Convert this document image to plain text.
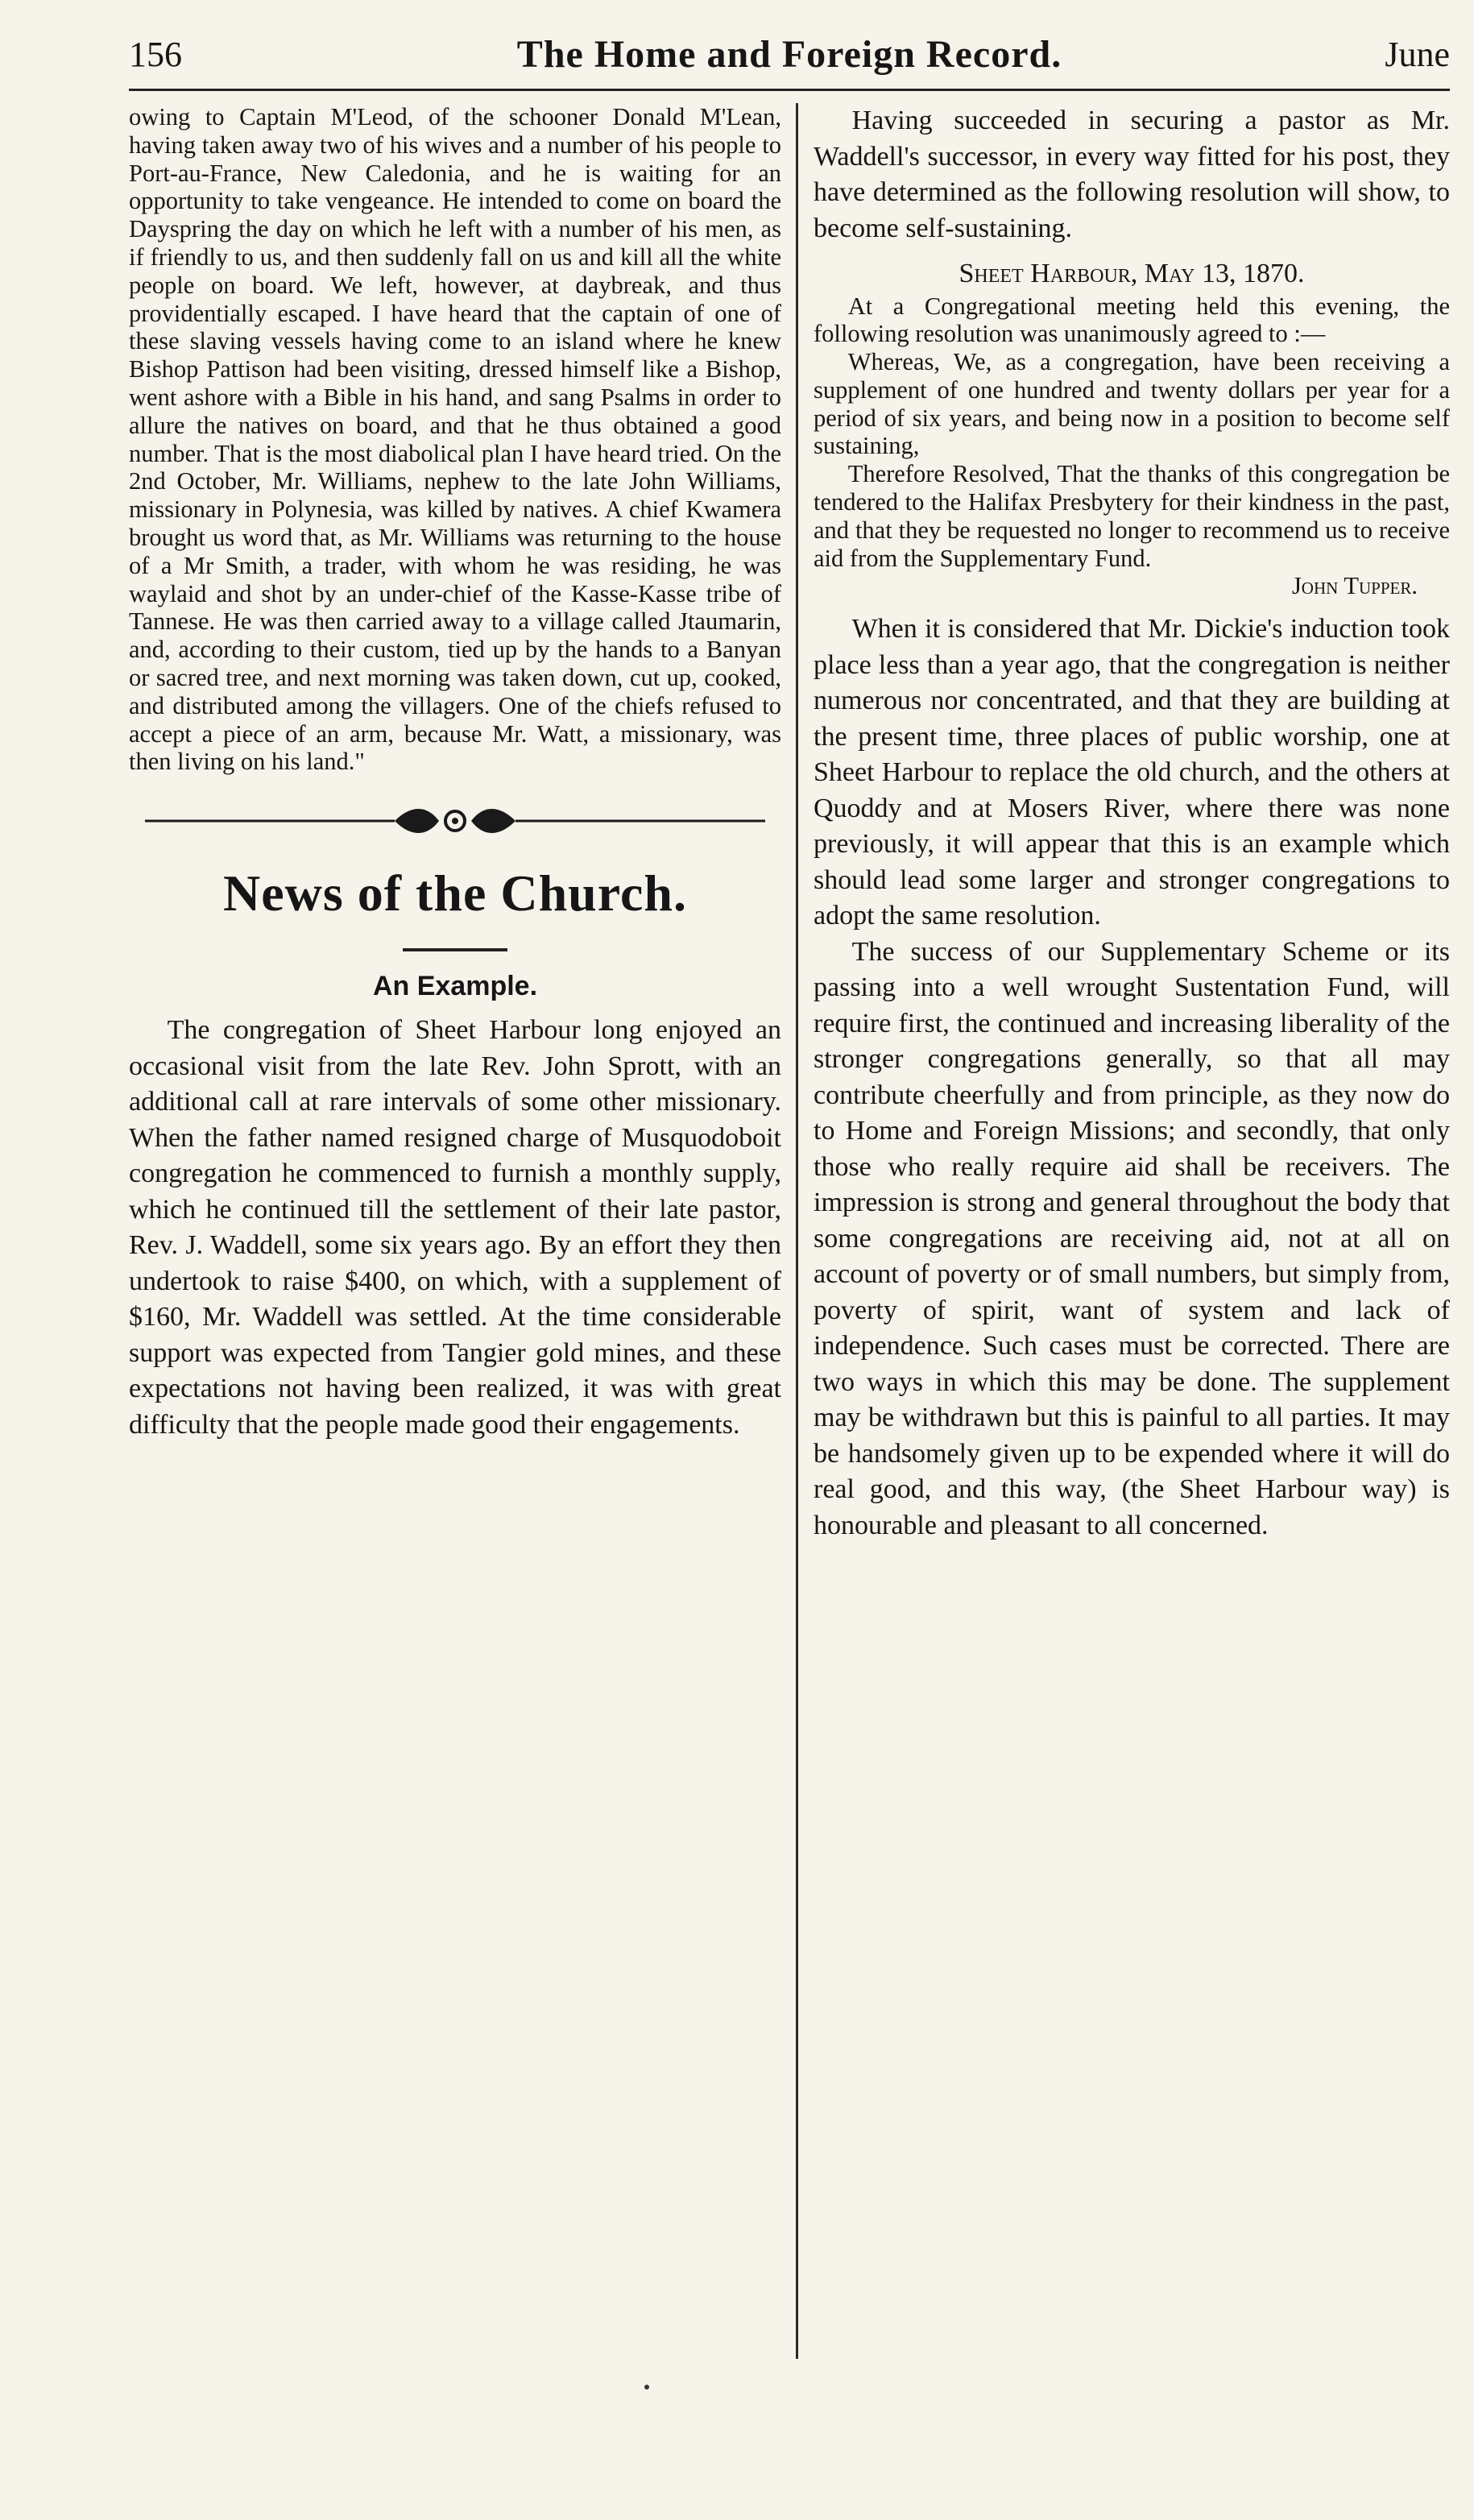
156	The Home and Foreign Record.	June

owing to Captain M'Leod, of the schooner Donald M'Lean, having taken away two of his wives and a number of his people to Port-au-France, New Caledonia, and he is waiting for an opportunity to take vengeance. He intended to come on board the Dayspring the day on which he left with a number of his men, as if friendly to us, and then suddenly fall on us and kill all the white people on board. We left, however, at daybreak, and thus providentially escaped. I have heard that the captain of one of these slaving vessels having come to an island where he knew Bishop Pattison had been visiting, dressed himself like a Bishop, went ashore with a Bible in his hand, and sang Psalms in order to allure the natives on board, and that he thus obtained a good number. That is the most diabolical plan I have heard tried. On the 2nd October, Mr. Williams, nephew to the late John Williams, missionary in Polynesia, was killed by natives. A chief Kwamera brought us word that, as Mr. Williams was returning to the house of a Mr Smith, a trader, with whom he was residing, he was waylaid and shot by an under-chief of the Kasse-Kasse tribe of Tannese. He was then carried away to a village called Jtaumarin, and, according to their custom, tied up by the hands to a Banyan or sacred tree, and next morning was taken down, cut up, cooked, and distributed among the villagers. One of the chiefs refused to accept a piece of an arm, because Mr. Watt, a missionary, was then living on his land."

News of the Church.
An Example.

The congregation of Sheet Harbour long enjoyed an occasional visit from the late Rev. John Sprott, with an additional call at rare intervals of some other missionary. When the father named resigned charge of Musquodoboit congregation he commenced to furnish a monthly supply, which he continued till the settlement of their late pastor, Rev. J. Waddell, some six years ago. By an effort they then undertook to raise $400, on which, with a supplement of $160, Mr. Waddell was settled. At the time considerable support was expected from Tangier gold mines, and these expectations not having been realized, it was with great difficulty that the people made good their engagements.

Having succeeded in securing a pastor as Mr. Waddell's successor, in every way fitted for his post, they have determined as the following resolution will show, to become self-sustaining.

Sheet Harbour, May 13, 1870.

At a Congregational meeting held this evening, the following resolution was unanimously agreed to :—

Whereas, We, as a congregation, have been receiving a supplement of one hundred and twenty dollars per year for a period of six years, and being now in a position to become self sustaining,

Therefore Resolved, That the thanks of this congregation be tendered to the Halifax Presbytery for their kindness in the past, and that they be requested no longer to recommend us to receive aid from the Supplementary Fund.

John Tupper.

When it is considered that Mr. Dickie's induction took place less than a year ago, that the congregation is neither numerous nor concentrated, and that they are building at the present time, three places of public worship, one at Sheet Harbour to replace the old church, and the others at Quoddy and at Mosers River, where there was none previously, it will appear that this is an example which should lead some larger and stronger congregations to adopt the same resolution.

The success of our Supplementary Scheme or its passing into a well wrought Sustentation Fund, will require first, the continued and increasing liberality of the stronger congregations generally, so that all may contribute cheerfully and from principle, as they now do to Home and Foreign Missions; and secondly, that only those who really require aid shall be receivers. The impression is strong and general throughout the body that some congregations are receiving aid, not at all on account of poverty or of small numbers, but simply from, poverty of spirit, want of system and lack of independence. Such cases must be corrected. There are two ways in which this may be done. The supplement may be withdrawn but this is painful to all parties. It may be handsomely given up to be expended where it will do real good, and this way, (the Sheet Harbour way) is honourable and pleasant to all concerned.
